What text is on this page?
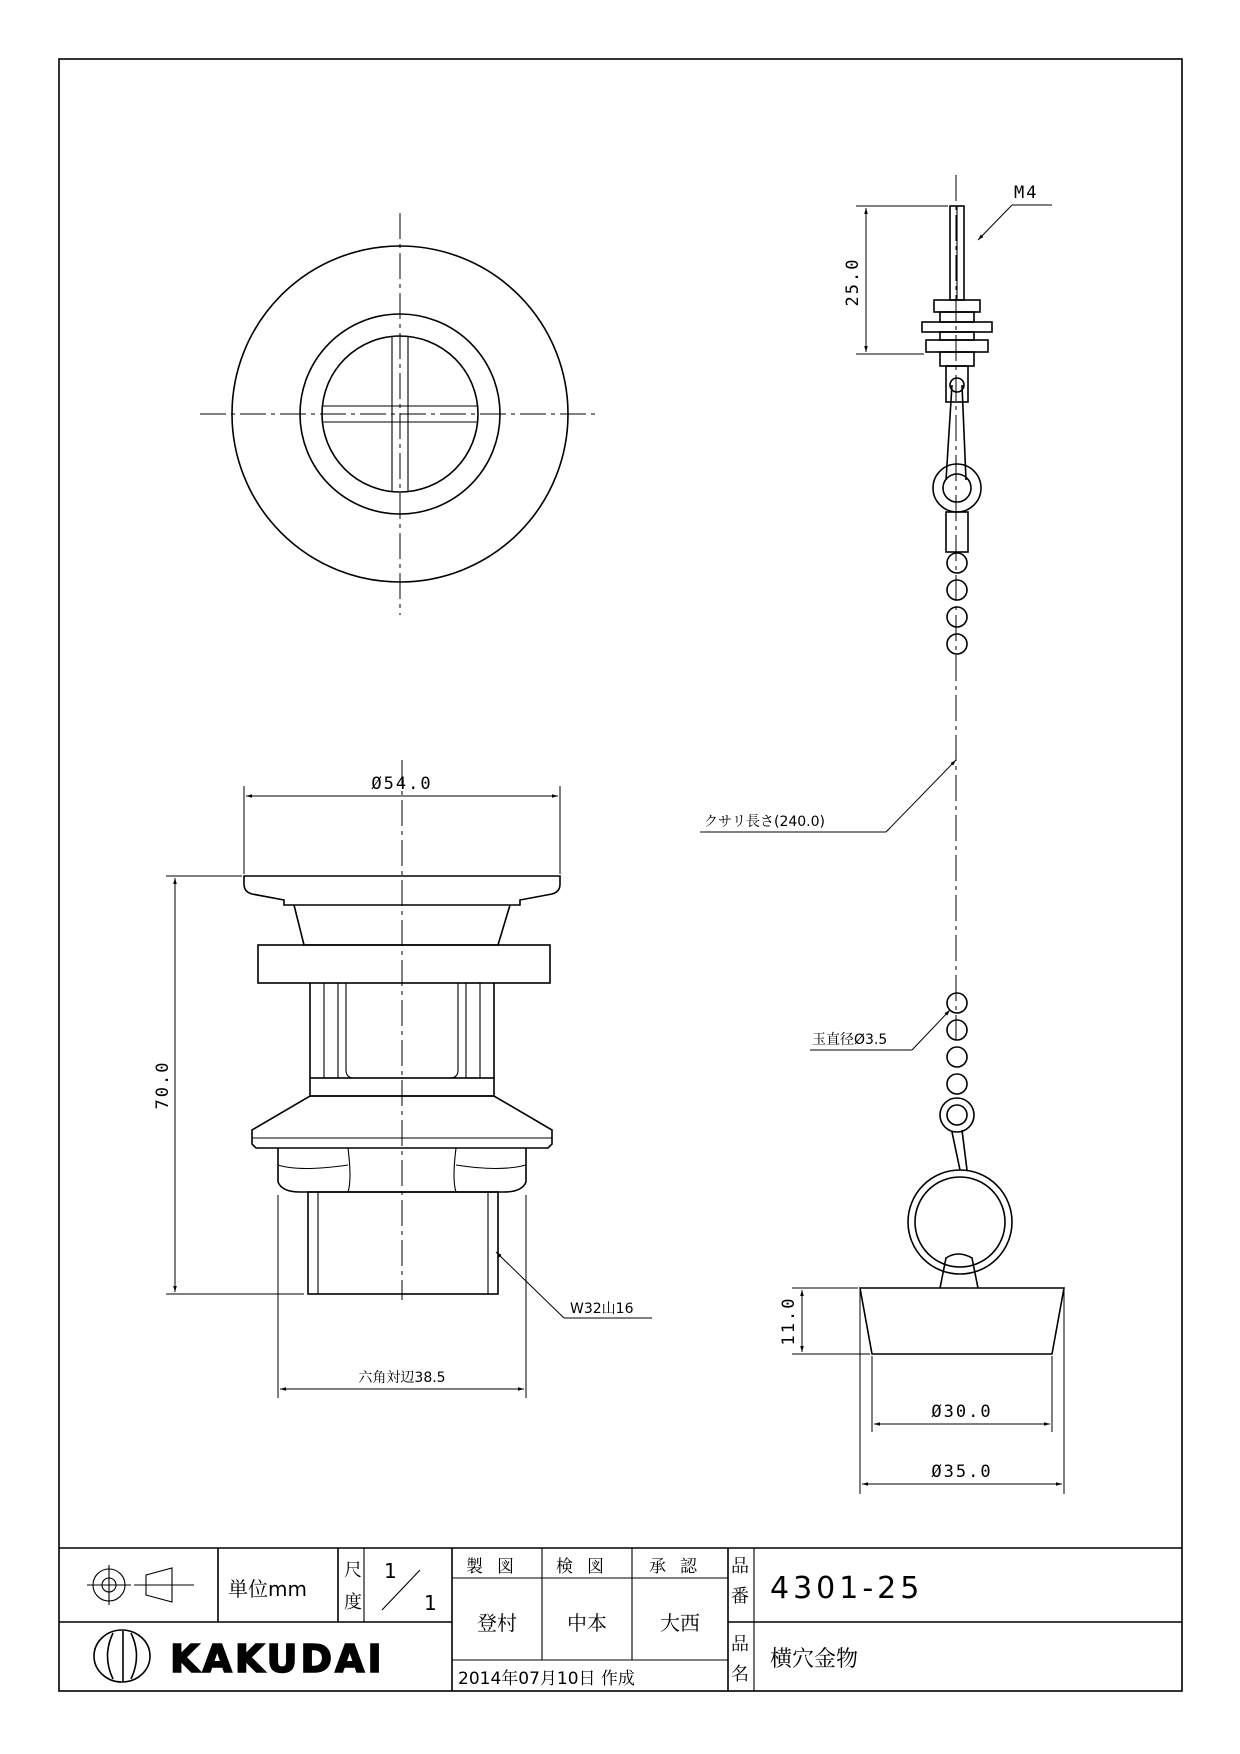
Ø54.0
70.0
W32山16
六角対辺38.5
M4
25.0
クサリ長さ(240.0)
玉直径Ø3.5
11.0
Ø30.0
Ø35.0
単位mm
尺
度
1
1
製図 検図 承認
登村	中本	大西
2014年07月10日 作成
品
番 4301-25
品
名
横穴金物
KAKUDAI
